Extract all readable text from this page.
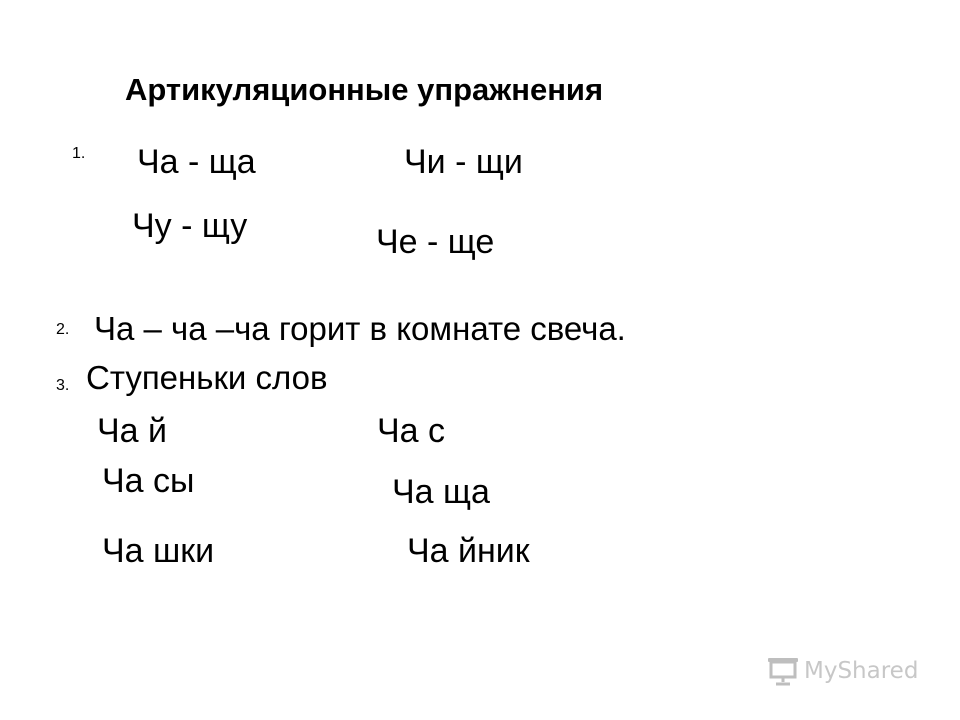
Артикуляционные упражнения
1. Ча - ща	Чи - щи
Чу - щу	Че - ще
2. Ча – ча –ча горит в комнате свеча.
3. Ступеньки слов
Ча й	Ча с
Ча сы	Ча ща
Ча шки	Ча йник
MyShared
